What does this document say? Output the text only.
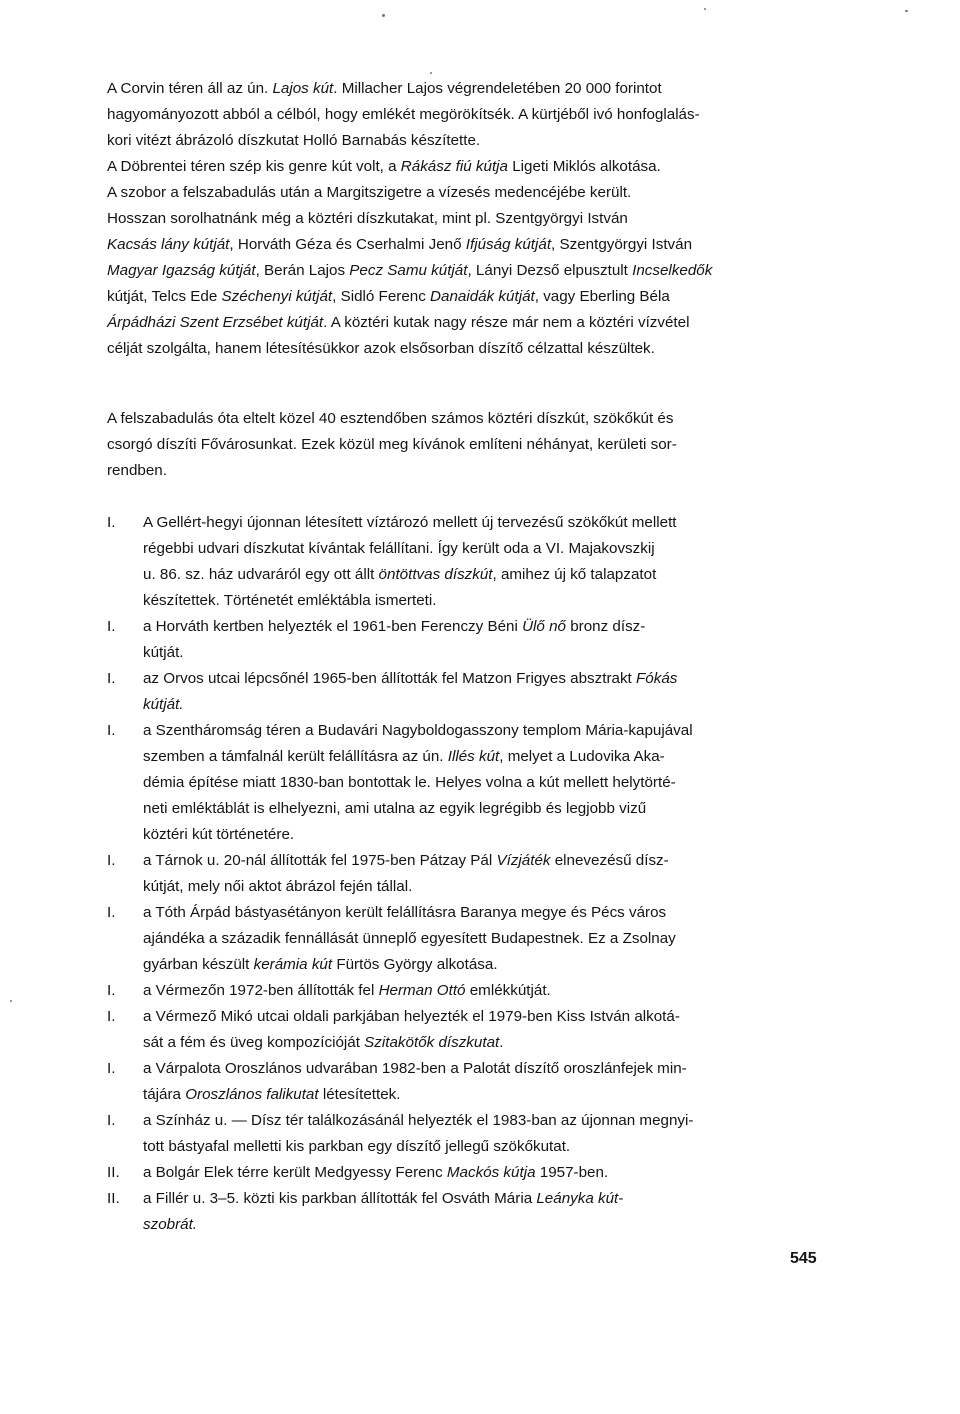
A Corvin téren áll az ún. Lajos kút. Millacher Lajos végrendeletében 20 000 forintot

hagyományozott abból a célból, hogy emlékét megörökítsék. A kürtjéből ivó honfoglalás-

kori vitézt ábrázoló díszkutat Holló Barnabás készítette.

A Döbrentei téren szép kis genre kút volt, a Rákász fiú kútja Ligeti Miklós alkotása.

A szobor a felszabadulás után a Margitszigetre a vízesés medencéjébe került.

Hosszan sorolhatnánk még a köztéri díszkutakat, mint pl. Szentgyörgyi István

Kacsás lány kútját, Horváth Géza és Cserhalmi Jenő Ifjúság kútját, Szentgyörgyi István

Magyar Igazság kútját, Berán Lajos Pecz Samu kútját, Lányi Dezső elpusztult Incselkedők

kútját, Telcs Ede Széchenyi kútját, Sidló Ferenc Danaidák kútját, vagy Eberling Béla

Árpádházi Szent Erzsébet kútját. A köztéri kutak nagy része már nem a köztéri vízvétel

célját szolgálta, hanem létesítésükkor azok elsősorban díszítő célzattal készültek.

A felszabadulás óta eltelt közel 40 esztendőben számos köztéri díszkút, szökőkút és

csorgó díszíti Fővárosunkat. Ezek közül meg kívánok említeni néhányat, kerületi sor-

rendben.

I.	A Gellért-hegyi újonnan létesített víztározó mellett új tervezésű szökőkút mellett
régebbi udvari díszkutat kívántak felállítani. Így került oda a VI. Majakovszkij
u. 86. sz. ház udvaráról egy ott állt öntöttvas díszkút, amihez új kő talapzatot
készítettek. Történetét emléktábla ismerteti.
I.	a Horváth kertben helyezték el 1961-ben Ferenczy Béni Ülő nő bronz dísz-
kútját.
I.	az Orvos utcai lépcsőnél 1965-ben állították fel Matzon Frigyes absztrakt Fókás
kútját.
I.	a Szentháromság téren a Budavári Nagyboldogasszony templom Mária-kapujával
szemben a támfalnál került felállításra az ún. Illés kút, melyet a Ludovika Aka-
démia építése miatt 1830-ban bontottak le. Helyes volna a kút mellett helytörté-
neti emléktáblát is elhelyezni, ami utalna az egyik legrégibb és legjobb vizű
köztéri kút történetére.
I.	a Tárnok u. 20-nál állították fel 1975-ben Pátzay Pál Vízjáték elnevezésű dísz-
kútját, mely női aktot ábrázol fején tállal.
I.	a Tóth Árpád bástyasétányon került felállításra Baranya megye és Pécs város
ajándéka a századik fennállását ünneplő egyesített Budapestnek. Ez a Zsolnay
gyárban készült kerámia kút Fürtös György alkotása.
I.	a Vérmezőn 1972-ben állították fel Herman Ottó emlékkútját.
I.	a Vérmező Mikó utcai oldali parkjában helyezték el 1979-ben Kiss István alkotá-
sát a fém és üveg kompozícióját Szitakötők díszkutat.
I.	a Várpalota Oroszlános udvarában 1982-ben a Palotát díszítő oroszlánfejek min-
tájára Oroszlános falikutat létesítettek.
I.	a Színház u. — Dísz tér találkozásánál helyezték el 1983-ban az újonnan megnyi-
tott bástyafal melletti kis parkban egy díszítő jellegű szökőkutat.
II.	a Bolgár Elek térre került Medgyessy Ferenc Mackós kútja 1957-ben.
II.	a Fillér u. 3–5. közti kis parkban állították fel Osváth Mária Leányka kút-
szobrát.
545
